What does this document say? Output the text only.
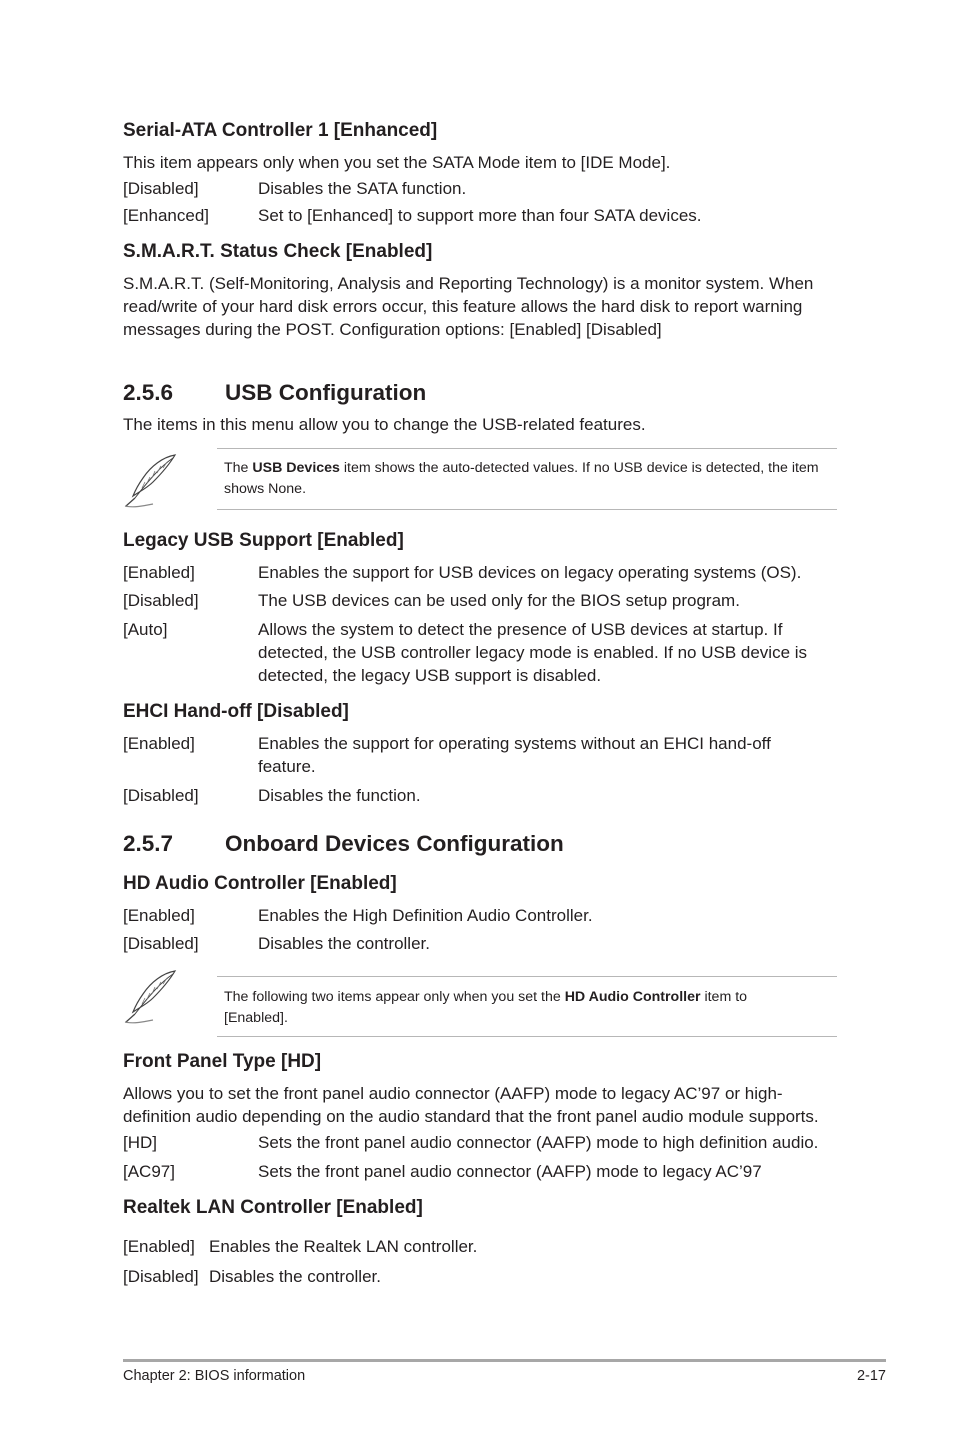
Serial-ATA Controller 1 [Enhanced]
This item appears only when you set the SATA Mode item to [IDE Mode].
[Disabled]	Disables the SATA function.
[Enhanced]	Set to [Enhanced] to support more than four SATA devices.
S.M.A.R.T. Status Check [Enabled]
S.M.A.R.T. (Self-Monitoring, Analysis and Reporting Technology) is a monitor system. When read/write of your hard disk errors occur, this feature allows the hard disk to report warning messages during the POST. Configuration options: [Enabled] [Disabled]
2.5.6 USB Configuration
The items in this menu allow you to change the USB-related features.
The USB Devices item shows the auto-detected values. If no USB device is detected, the item shows None.
Legacy USB Support [Enabled]
[Enabled]	Enables the support for USB devices on legacy operating systems (OS).
[Disabled]	The USB devices can be used only for the BIOS setup program.
[Auto]	Allows the system to detect the presence of USB devices at startup. If detected, the USB controller legacy mode is enabled. If no USB device is detected, the legacy USB support is disabled.
EHCI Hand-off [Disabled]
[Enabled]	Enables the support for operating systems without an EHCI hand-off feature.
[Disabled]	Disables the function.
2.5.7 Onboard Devices Configuration
HD Audio Controller [Enabled]
[Enabled]	Enables the High Definition Audio Controller.
[Disabled]	Disables the controller.
The following two items appear only when you set the HD Audio Controller item to [Enabled].
Front Panel Type [HD]
Allows you to set the front panel audio connector (AAFP) mode to legacy AC’97 or high-definition audio depending on the audio standard that the front panel audio module supports.
[HD]	Sets the front panel audio connector (AAFP) mode to high definition audio.
[AC97]	Sets the front panel audio connector (AAFP) mode to legacy AC’97
Realtek LAN Controller [Enabled]
[Enabled] Enables the Realtek LAN controller.
[Disabled] Disables the controller.
Chapter 2: BIOS information	2-17
